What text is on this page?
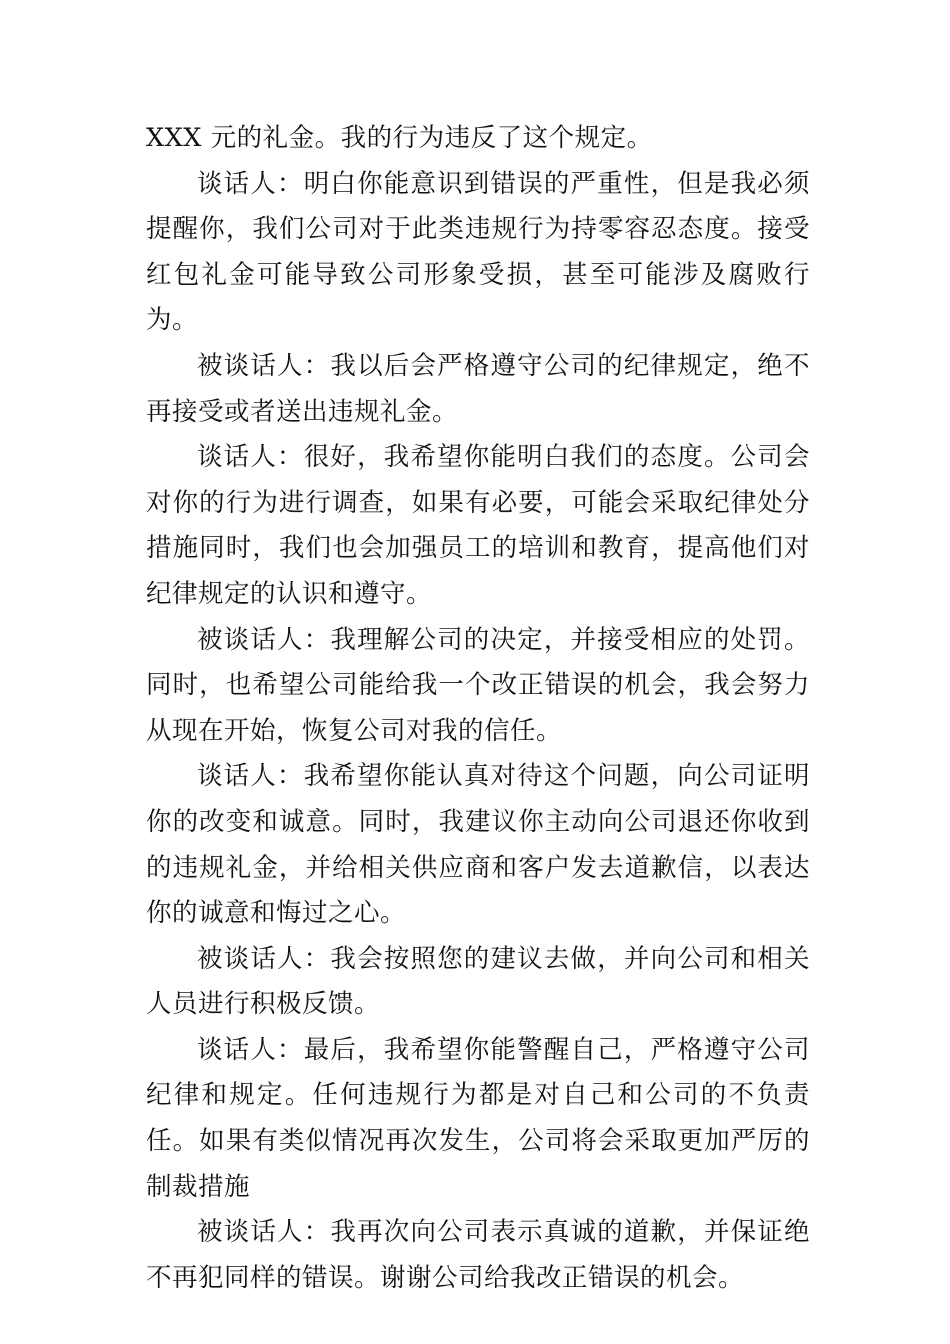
XXX 元的礼金。我的行为违反了这个规定。

谈话人：明白你能意识到错误的严重性，但是我必须提醒你，我们公司对于此类违规行为持零容忍态度。接受红包礼金可能导致公司形象受损，甚至可能涉及腐败行为。

被谈话人：我以后会严格遵守公司的纪律规定，绝不再接受或者送出违规礼金。

谈话人：很好，我希望你能明白我们的态度。公司会对你的行为进行调查，如果有必要，可能会采取纪律处分措施同时，我们也会加强员工的培训和教育，提高他们对纪律规定的认识和遵守。

被谈话人：我理解公司的决定，并接受相应的处罚。同时，也希望公司能给我一个改正错误的机会，我会努力从现在开始，恢复公司对我的信任。

谈话人：我希望你能认真对待这个问题，向公司证明你的改变和诚意。同时，我建议你主动向公司退还你收到的违规礼金，并给相关供应商和客户发去道歉信，以表达你的诚意和悔过之心。

被谈话人：我会按照您的建议去做，并向公司和相关人员进行积极反馈。

谈话人：最后，我希望你能警醒自己，严格遵守公司纪律和规定。任何违规行为都是对自己和公司的不负责任。如果有类似情况再次发生，公司将会采取更加严厉的制裁措施

被谈话人：我再次向公司表示真诚的道歉，并保证绝不再犯同样的错误。谢谢公司给我改正错误的机会。
